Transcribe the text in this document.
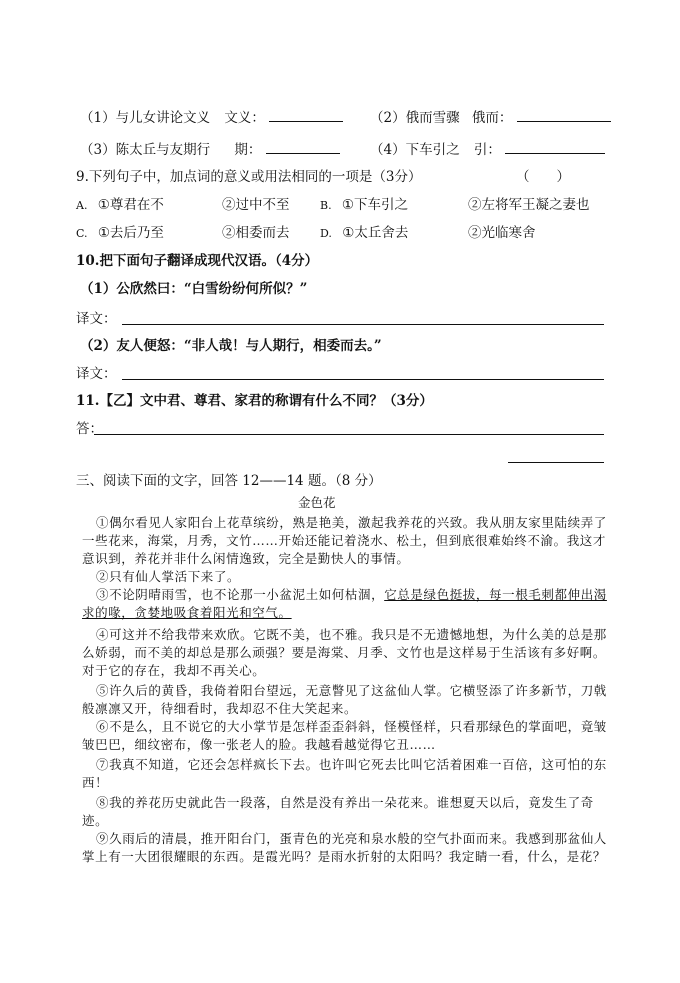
（1）与儿女讲论文义 文义：	（2）俄而雪骤 俄而：
（3）陈太丘与友期行 期：	（4）下车引之 引：
9.下列句子中，加点词的意义或用法相同的一项是（3分）	（　　）
A. ①尊君在不	②过中不至	B. ①下车引之	②左将军王凝之妻也
C. ①去后乃至	②相委而去	D. ①太丘舍去	②光临寒舍
10.把下面句子翻译成现代汉语。（4分）
（1）公欣然曰：“白雪纷纷何所似？”
译文：
（2）友人便怒：“非人哉！与人期行，相委而去。”
译文：
11.【乙】文中君、尊君、家君的称谓有什么不同？（3分）
答：
三、阅读下面的文字，回答 12——14 题。（8 分）
金色花
①偶尔看见人家阳台上花草缤纷，熟是艳美，激起我养花的兴致。我从朋友家里陆续弄了一些花来，海棠，月秀，文竹……开始还能记着浇水、松土，但到底很难始终不渝。我这才意识到，养花并非什么闲情逸致，完全是勤快人的事情。
②只有仙人掌活下来了。
③不论阴晴雨雪，也不论那一小盆泥土如何枯涸，它总是绿色挺拔，每一根毛刺都伸出渴求的喙，贪婪地吸食着阳光和空气。
④可这并不给我带来欢欣。它既不美，也不雅。我只是不无遗憾地想，为什么美的总是那么娇弱，而不美的却总是那么顽强？要是海棠、月季、文竹也是这样易于生活该有多好啊。对于它的存在，我却不再关心。
⑤许久后的黄昏，我倚着阳台望远，无意瞥见了这盆仙人掌。它横竖添了许多新节，刀戟般凛凛又开，待细看时，我却忍不住大笑起来。
⑥不是么，且不说它的大小掌节是怎样歪歪斜斜，怪模怪样，只看那绿色的掌面吧，竟皱皱巴巴，细纹密布，像一张老人的脸。我越看越觉得它丑……
⑦我真不知道，它还会怎样疯长下去。也许叫它死去比叫它活着困难一百倍，这可怕的东西！
⑧我的养花历史就此告一段落，自然是没有养出一朵花来。谁想夏天以后，竟发生了奇迹。
⑨久雨后的清晨，推开阳台门，蛋青色的光亮和泉水般的空气扑面而来。我感到那盆仙人掌上有一大团很耀眼的东西。是霞光吗？是雨水折射的太阳吗？我定睛一看，什么，是花？
